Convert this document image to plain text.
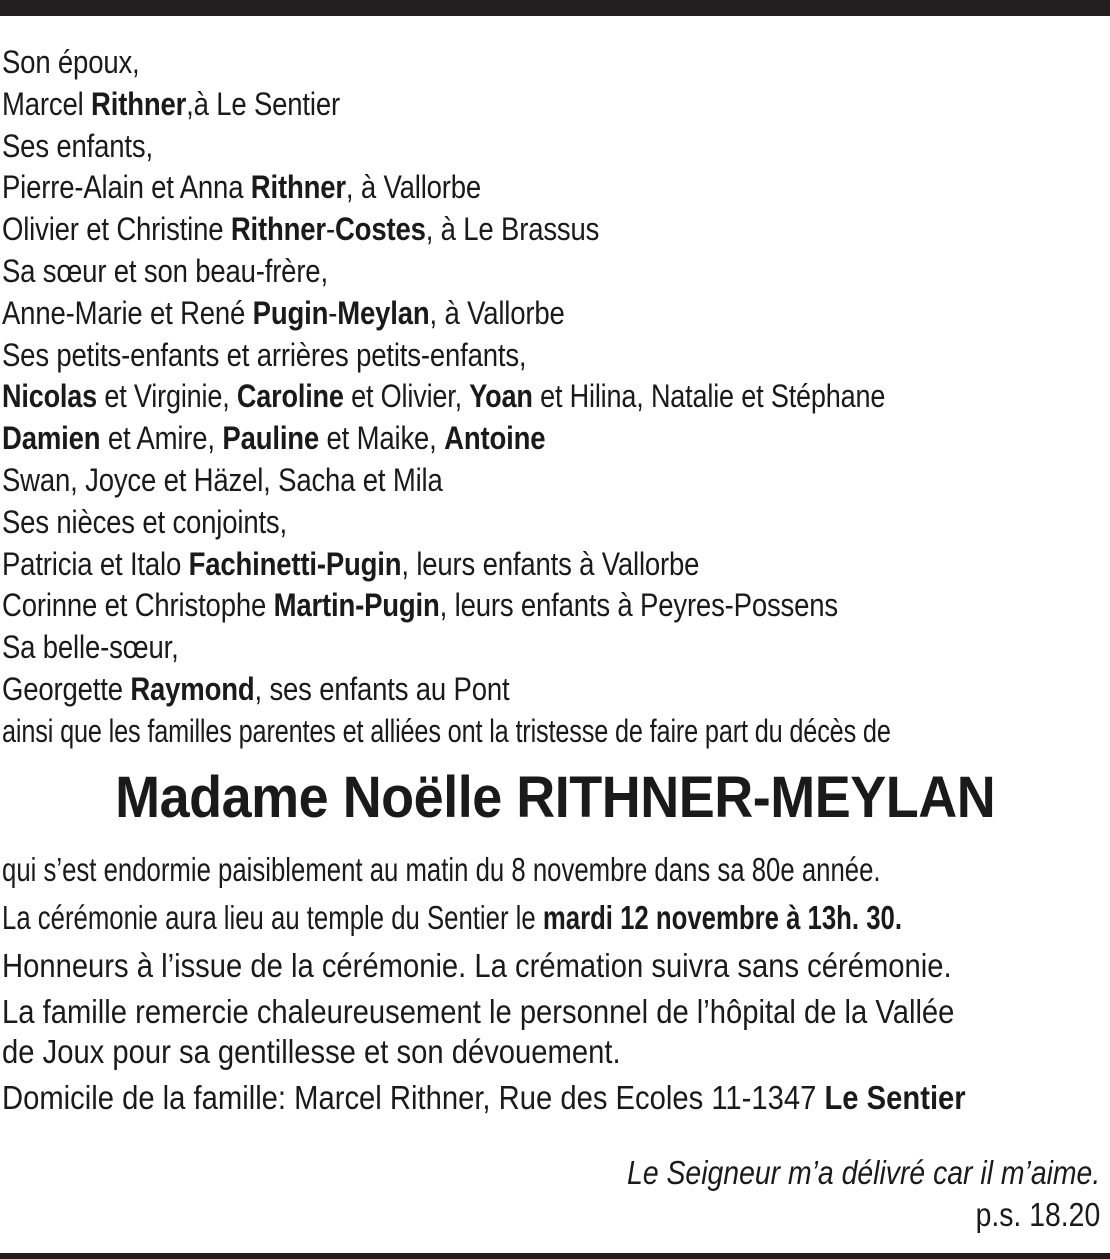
Son époux,
Marcel Rithner,à Le Sentier
Ses enfants,
Pierre-Alain et Anna Rithner, à Vallorbe
Olivier et Christine Rithner-Costes, à Le Brassus
Sa sœur et son beau-frère,
Anne-Marie et René Pugin-Meylan, à Vallorbe
Ses petits-enfants et arrières petits-enfants,
Nicolas et Virginie, Caroline et Olivier, Yoan et Hilina, Natalie et Stéphane
Damien et Amire, Pauline et Maike, Antoine
Swan, Joyce et Häzel, Sacha et Mila
Ses nièces et conjoints,
Patricia et Italo Fachinetti-Pugin, leurs enfants à Vallorbe
Corinne et Christophe Martin-Pugin, leurs enfants à Peyres-Possens
Sa belle-sœur,
Georgette Raymond, ses enfants au Pont
ainsi que les familles parentes et alliées ont la tristesse de faire part du décès de
Madame Noëlle RITHNER-MEYLAN
qui s’est endormie paisiblement au matin du 8 novembre dans sa 80e année.
La cérémonie aura lieu au temple du Sentier le mardi 12 novembre à 13h. 30.
Honneurs à l’issue de la cérémonie. La crémation suivra sans cérémonie.
La famille remercie chaleureusement le personnel de l’hôpital de la Vallée
de Joux pour sa gentillesse et son dévouement.
Domicile de la famille: Marcel Rithner, Rue des Ecoles 11-1347 Le Sentier
Le Seigneur m’a délivré car il m’aime.
p.s. 18.20
